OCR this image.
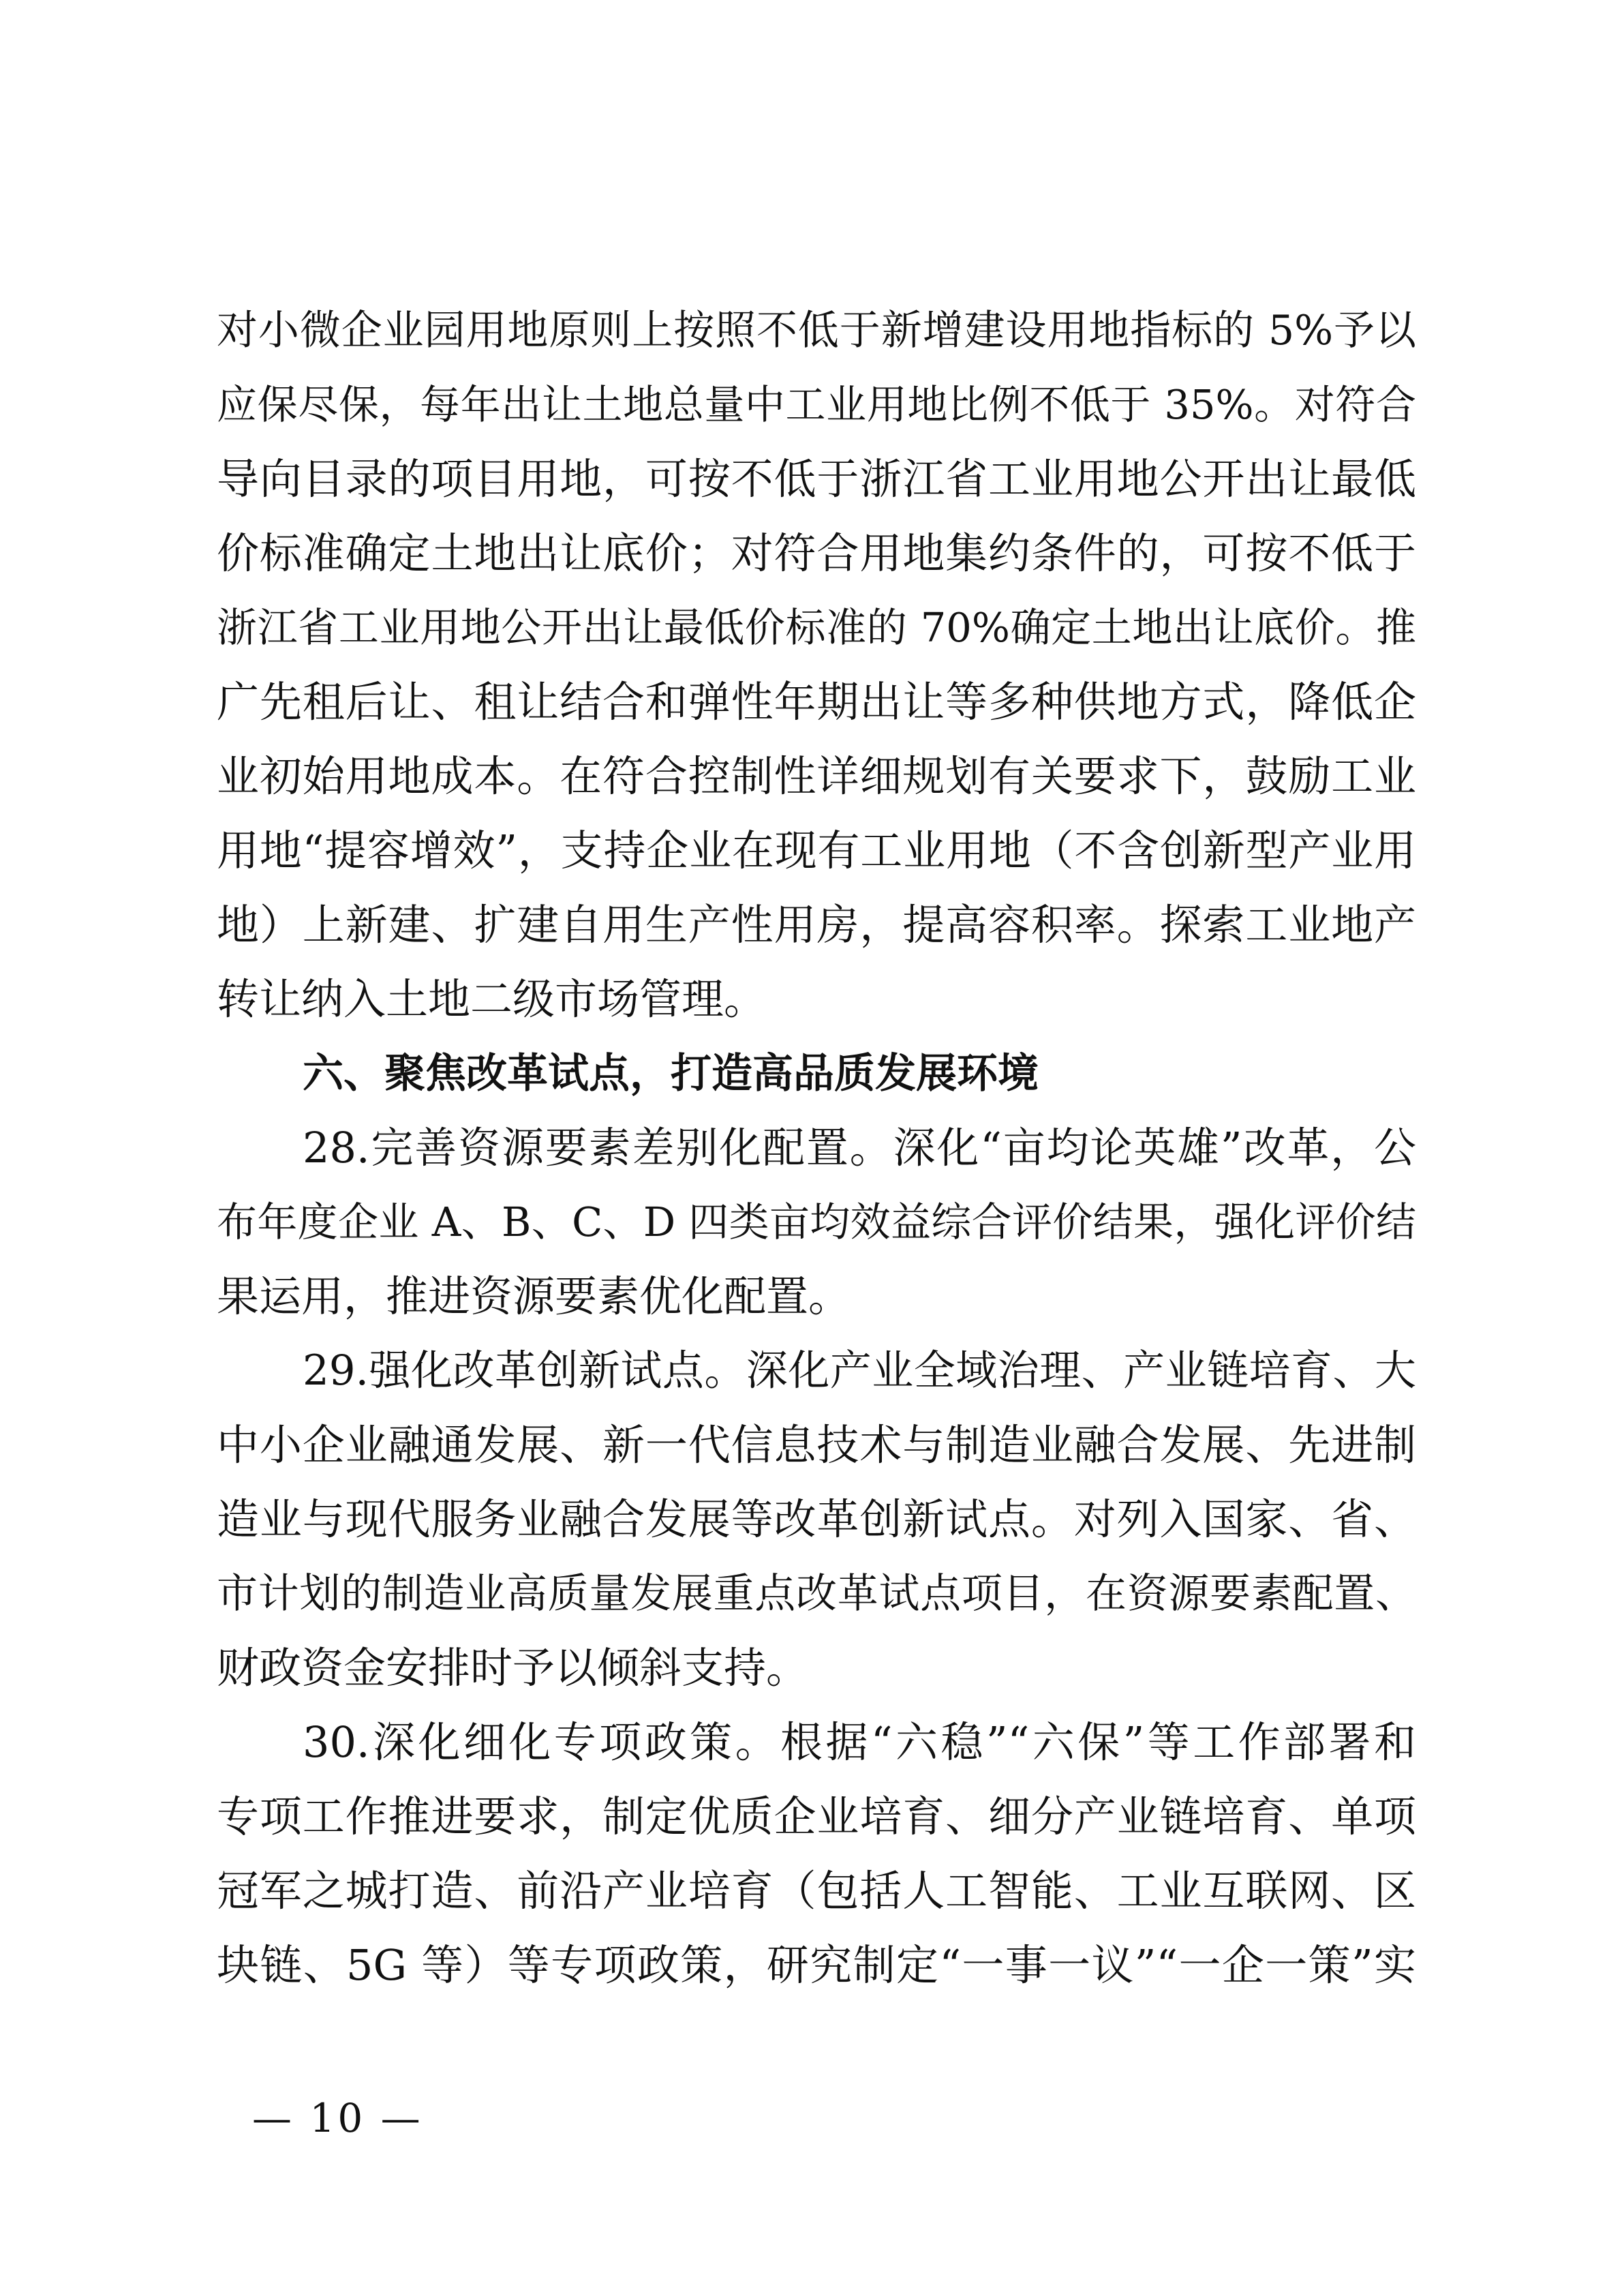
对小微企业园用地原则上按照不低于新增建设用地指标的 5%予以
应保尽保，每年出让土地总量中工业用地比例不低于 35%。对符合
导向目录的项目用地，可按不低于浙江省工业用地公开出让最低
价标准确定土地出让底价；对符合用地集约条件的，可按不低于
浙江省工业用地公开出让最低价标准的 70%确定土地出让底价。推
广先租后让、租让结合和弹性年期出让等多种供地方式，降低企
业初始用地成本。在符合控制性详细规划有关要求下，鼓励工业
用地“提容增效”，支持企业在现有工业用地（不含创新型产业用
地）上新建、扩建自用生产性用房，提高容积率。探索工业地产
转让纳入土地二级市场管理。
六、聚焦改革试点，打造高品质发展环境
28.完善资源要素差别化配置。深化“亩均论英雄”改革，公
布年度企业 A、B、C、D 四类亩均效益综合评价结果，强化评价结
果运用，推进资源要素优化配置。
29.强化改革创新试点。深化产业全域治理、产业链培育、大
中小企业融通发展、新一代信息技术与制造业融合发展、先进制
造业与现代服务业融合发展等改革创新试点。对列入国家、省、
市计划的制造业高质量发展重点改革试点项目，在资源要素配置、
财政资金安排时予以倾斜支持。
30.深化细化专项政策。根据“六稳”“六保”等工作部署和
专项工作推进要求，制定优质企业培育、细分产业链培育、单项
冠军之城打造、前沿产业培育（包括人工智能、工业互联网、区
块链、5G 等）等专项政策，研究制定“一事一议”“一企一策”实
— 10 —
